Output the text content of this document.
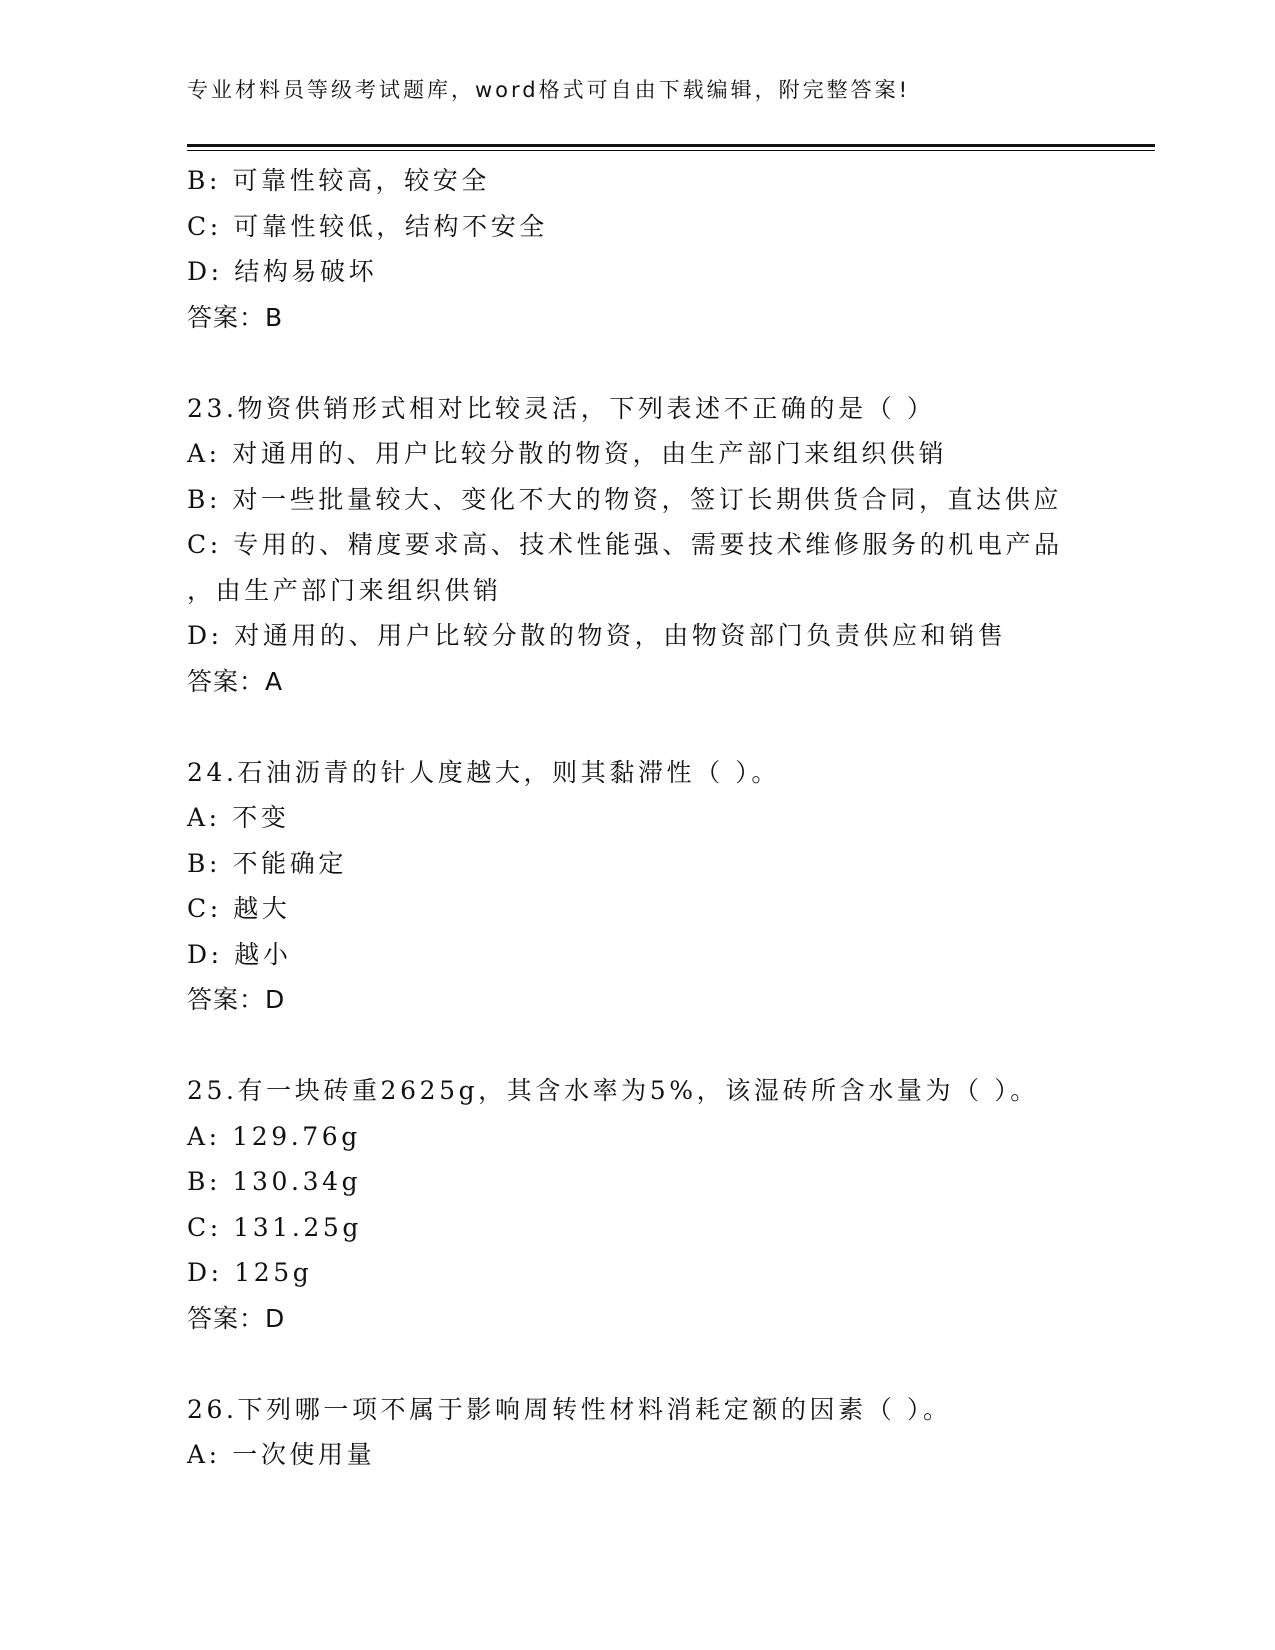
专业材料员等级考试题库，word格式可自由下载编辑，附完整答案!
B: 可靠性较高，较安全
C: 可靠性较低，结构不安全
D: 结构易破坏
答案：B
23.物资供销形式相对比较灵活，下列表述不正确的是（ ）
A: 对通用的、用户比较分散的物资，由生产部门来组织供销
B: 对一些批量较大、变化不大的物资，签订长期供货合同，直达供应
C: 专用的、精度要求高、技术性能强、需要技术维修服务的机电产品
，由生产部门来组织供销
D: 对通用的、用户比较分散的物资，由物资部门负责供应和销售
答案：A
24.石油沥青的针人度越大，则其黏滞性（ ）。
A: 不变
B: 不能确定
C: 越大
D: 越小
答案：D
25.有一块砖重2625g，其含水率为5%，该湿砖所含水量为（ ）。
A: 129.76g
B: 130.34g
C: 131.25g
D: 125g
答案：D
26.下列哪一项不属于影响周转性材料消耗定额的因素（ ）。
A: 一次使用量
